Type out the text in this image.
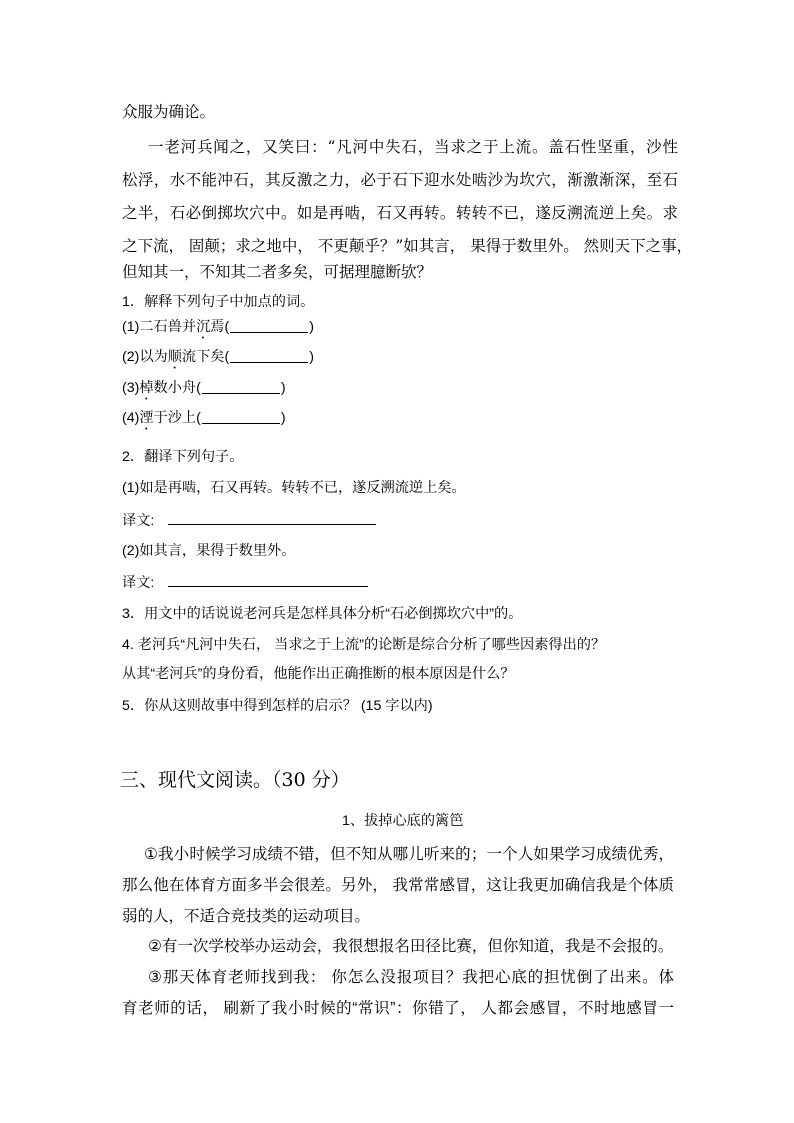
众服为确论。
一老河兵闻之，又笑曰：“凡河中失石，当求之于上流。盖石性坚重，沙性
松浮，水不能冲石，其反激之力，必于石下迎水处啮沙为坎穴，渐激渐深，至石
之半，石必倒掷坎穴中。如是再啮，石又再转。转转不已，遂反溯流逆上矣。求
之下流， 固颠；求之地中， 不更颠乎？”如其言， 果得于数里外。 然则天下之事，
但知其一，不知其二者多矣，可据理臆断欤？
1．解释下列句子中加点的词。
(1)二石兽并沉焉(	)
(2)以为顺流下矣(	)
(3)棹数小舟(	)
(4)湮于沙上(	)
2．翻译下列句子。
(1)如是再啮，石又再转。转转不已，遂反溯流逆上矣。
译文:
(2)如其言，果得于数里外。
译文:
3．用文中的话说说老河兵是怎样具体分析“石必倒掷坎穴中”的。
4. 老河兵“凡河中失石， 当求之于上流”的论断是综合分析了哪些因素得出的？
从其“老河兵”的身份看，他能作出正确推断的根本原因是什么？
5．你从这则故事中得到怎样的启示？ (15 字以内)
三、现代文阅读。（30 分）
1、拔掉心底的篱笆
①我小时候学习成绩不错，但不知从哪儿听来的；一个人如果学习成绩优秀，
那么他在体育方面多半会很差。另外， 我常常感冒，这让我更加确信我是个体质
弱的人，不适合竞技类的运动项目。
②有一次学校举办运动会，我很想报名田径比赛，但你知道，我是不会报的。
③那天体育老师找到我： 你怎么没报项目？我把心底的担忧倒了出来。体
育老师的话， 刷新了我小时候的“常识”：你错了， 人都会感冒，不时地感冒一
